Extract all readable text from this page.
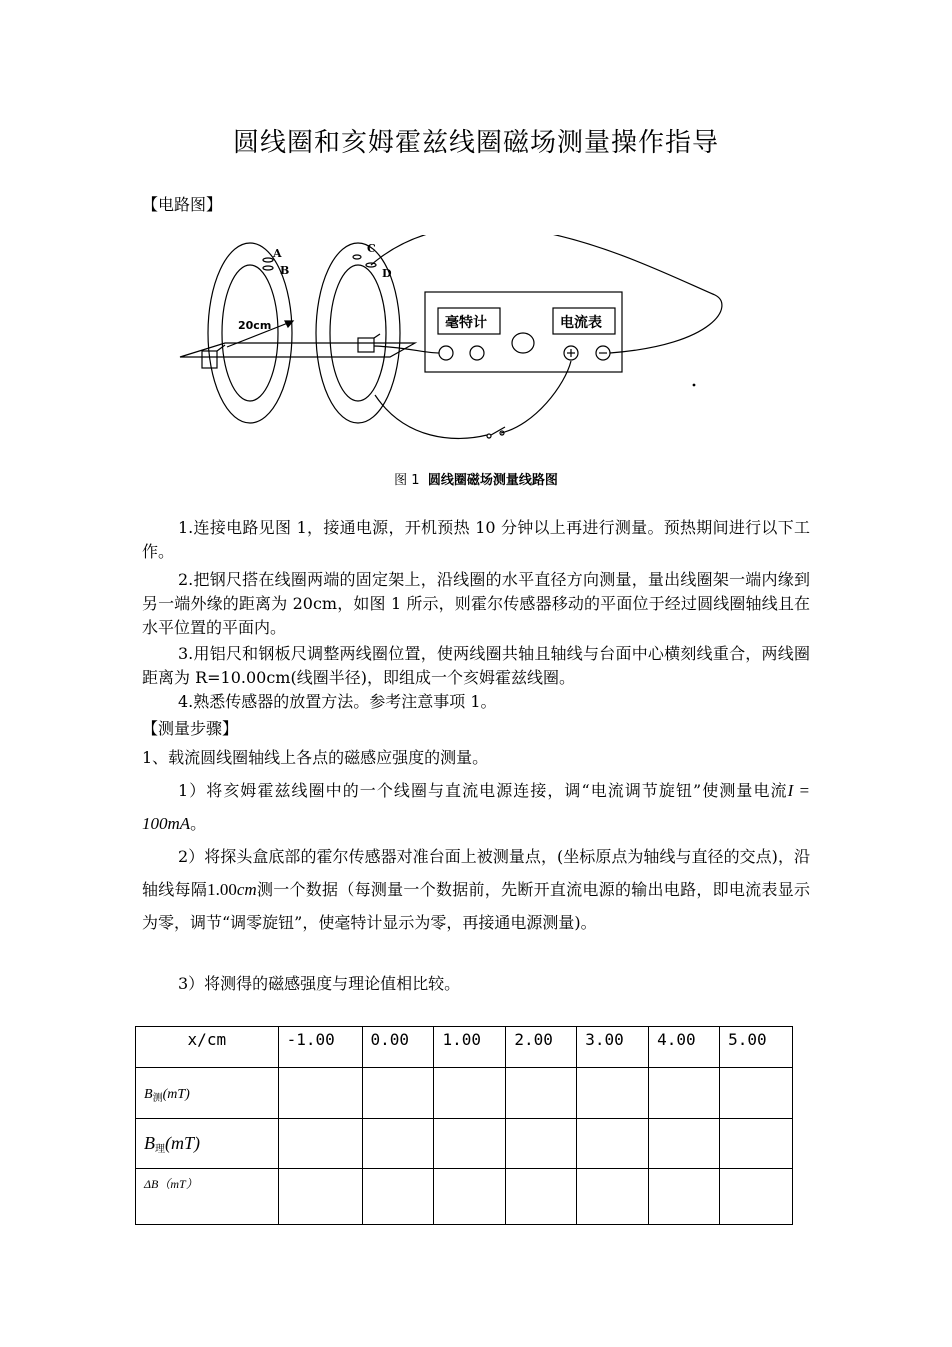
圆线圈和亥姆霍兹线圈磁场测量操作指导
【电路图】
A
B
C
D
20cm	毫特计	电流表
图 1 圆线圈磁场测量线路图
1.连接电路见图 1，接通电源，开机预热 10 分钟以上再进行测量。预热期间进行以下工作。
2.把钢尺搭在线圈两端的固定架上，沿线圈的水平直径方向测量，量出线圈架一端内缘到另一端外缘的距离为 20cm，如图 1 所示，则霍尔传感器移动的平面位于经过圆线圈轴线且在水平位置的平面内。
3.用铝尺和钢板尺调整两线圈位置，使两线圈共轴且轴线与台面中心横刻线重合，两线圈距离为 R=10.00cm(线圈半径)，即组成一个亥姆霍兹线圈。
4.熟悉传感器的放置方法。参考注意事项 1。
【测量步骤】
1、载流圆线圈轴线上各点的磁感应强度的测量。
1）将亥姆霍兹线圈中的一个线圈与直流电源连接，调“电流调节旋钮”使测量电流I = 100mA。
2）将探头盒底部的霍尔传感器对准台面上被测量点，(坐标原点为轴线与直径的交点)，沿轴线每隔1.00cm测一个数据（每测量一个数据前，先断开直流电源的输出电路，即电流表显示为零，调节“调零旋钮”，使毫特计显示为零，再接通电源测量)。
3）将测得的磁感强度与理论值相比较。
x/cm	-1.00	0.00	1.00	2.00	3.00	4.00	5.00
$B_测(mT)$							
$B_理(mT)$							
ΔB（mT）							
